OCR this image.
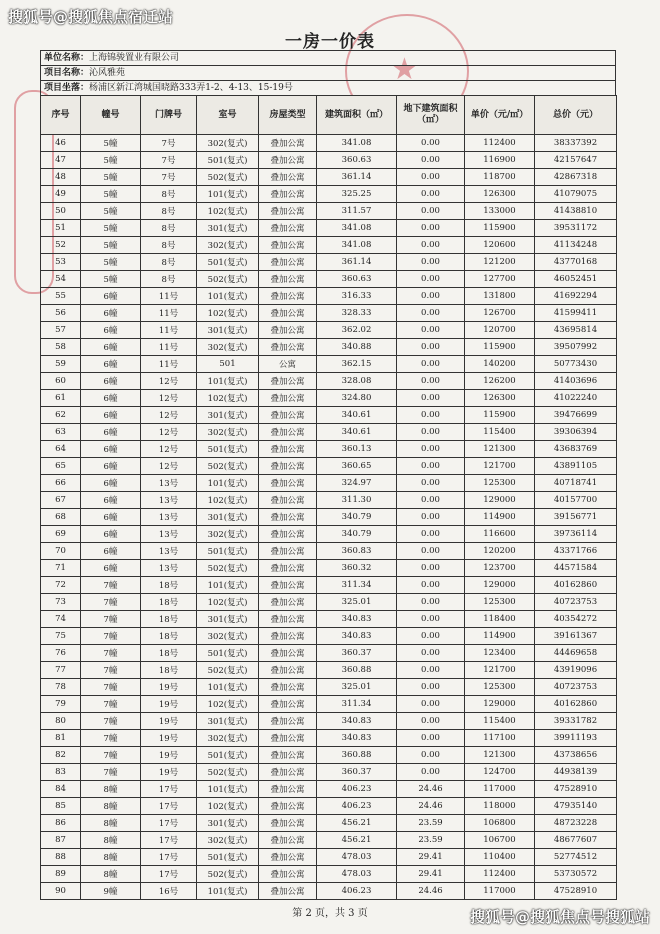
搜狐号@搜狐焦点宿迁站
★
一房一价表
单位名称：上海锦骏置业有限公司
项目名称：沁风雅苑
项目坐落：杨浦区新江湾城国晓路333弄1-2、4-13、15-19号
序号	幢号	门牌号	室号	房屋类型	建筑面积（㎡）	地下建筑面积（㎡）	单价（元/㎡）	总价（元）
46	5幢	7号	302(复式)	叠加公寓	341.08	0.00	112400	38337392
47	5幢	7号	501(复式)	叠加公寓	360.63	0.00	116900	42157647
48	5幢	7号	502(复式)	叠加公寓	361.14	0.00	118700	42867318
49	5幢	8号	101(复式)	叠加公寓	325.25	0.00	126300	41079075
50	5幢	8号	102(复式)	叠加公寓	311.57	0.00	133000	41438810
51	5幢	8号	301(复式)	叠加公寓	341.08	0.00	115900	39531172
52	5幢	8号	302(复式)	叠加公寓	341.08	0.00	120600	41134248
53	5幢	8号	501(复式)	叠加公寓	361.14	0.00	121200	43770168
54	5幢	8号	502(复式)	叠加公寓	360.63	0.00	127700	46052451
55	6幢	11号	101(复式)	叠加公寓	316.33	0.00	131800	41692294
56	6幢	11号	102(复式)	叠加公寓	328.33	0.00	126700	41599411
57	6幢	11号	301(复式)	叠加公寓	362.02	0.00	120700	43695814
58	6幢	11号	302(复式)	叠加公寓	340.88	0.00	115900	39507992
59	6幢	11号	501	公寓	362.15	0.00	140200	50773430
60	6幢	12号	101(复式)	叠加公寓	328.08	0.00	126200	41403696
61	6幢	12号	102(复式)	叠加公寓	324.80	0.00	126300	41022240
62	6幢	12号	301(复式)	叠加公寓	340.61	0.00	115900	39476699
63	6幢	12号	302(复式)	叠加公寓	340.61	0.00	115400	39306394
64	6幢	12号	501(复式)	叠加公寓	360.13	0.00	121300	43683769
65	6幢	12号	502(复式)	叠加公寓	360.65	0.00	121700	43891105
66	6幢	13号	101(复式)	叠加公寓	324.97	0.00	125300	40718741
67	6幢	13号	102(复式)	叠加公寓	311.30	0.00	129000	40157700
68	6幢	13号	301(复式)	叠加公寓	340.79	0.00	114900	39156771
69	6幢	13号	302(复式)	叠加公寓	340.79	0.00	116600	39736114
70	6幢	13号	501(复式)	叠加公寓	360.83	0.00	120200	43371766
71	6幢	13号	502(复式)	叠加公寓	360.32	0.00	123700	44571584
72	7幢	18号	101(复式)	叠加公寓	311.34	0.00	129000	40162860
73	7幢	18号	102(复式)	叠加公寓	325.01	0.00	125300	40723753
74	7幢	18号	301(复式)	叠加公寓	340.83	0.00	118400	40354272
75	7幢	18号	302(复式)	叠加公寓	340.83	0.00	114900	39161367
76	7幢	18号	501(复式)	叠加公寓	360.37	0.00	123400	44469658
77	7幢	18号	502(复式)	叠加公寓	360.88	0.00	121700	43919096
78	7幢	19号	101(复式)	叠加公寓	325.01	0.00	125300	40723753
79	7幢	19号	102(复式)	叠加公寓	311.34	0.00	129000	40162860
80	7幢	19号	301(复式)	叠加公寓	340.83	0.00	115400	39331782
81	7幢	19号	302(复式)	叠加公寓	340.83	0.00	117100	39911193
82	7幢	19号	501(复式)	叠加公寓	360.88	0.00	121300	43738656
83	7幢	19号	502(复式)	叠加公寓	360.37	0.00	124700	44938139
84	8幢	17号	101(复式)	叠加公寓	406.23	24.46	117000	47528910
85	8幢	17号	102(复式)	叠加公寓	406.23	24.46	118000	47935140
86	8幢	17号	301(复式)	叠加公寓	456.21	23.59	106800	48723228
87	8幢	17号	302(复式)	叠加公寓	456.21	23.59	106700	48677607
88	8幢	17号	501(复式)	叠加公寓	478.03	29.41	110400	52774512
89	8幢	17号	502(复式)	叠加公寓	478.03	29.41	112400	53730572
90	9幢	16号	101(复式)	叠加公寓	406.23	24.46	117000	47528910
第 2 页，共 3 页	搜狐号@搜狐焦点号搜狐站
